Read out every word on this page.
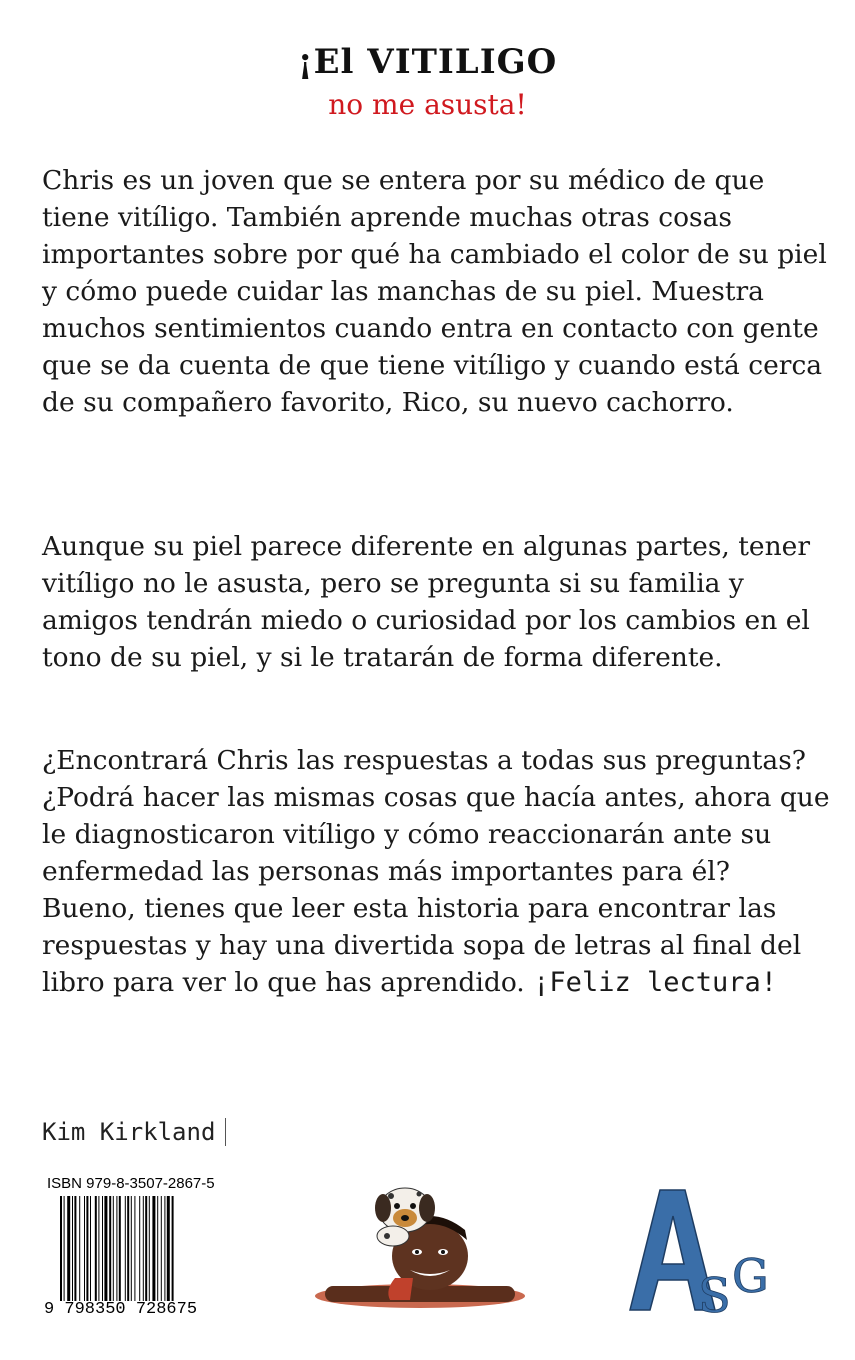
¡El VITILIGO
no me asusta!
Chris es un joven que se entera por su médico de que tiene vitíligo. También aprende muchas otras cosas importantes sobre por qué ha cambiado el color de su piel y cómo puede cuidar las manchas de su piel. Muestra muchos sentimientos cuando entra en contacto con gente que se da cuenta de que tiene vitíligo y cuando está cerca de su compañero favorito, Rico, su nuevo cachorro.
Aunque su piel parece diferente en algunas partes, tener vitíligo no le asusta, pero se pregunta si su familia y amigos tendrán miedo o curiosidad por los cambios en el tono de su piel, y si le tratarán de forma diferente.
¿Encontrará Chris las respuestas a todas sus preguntas? ¿Podrá hacer las mismas cosas que hacía antes, ahora que le diagnosticaron vitíligo y cómo reaccionarán ante su enfermedad las personas más importantes para él? Bueno, tienes que leer esta historia para encontrar las respuestas y hay una divertida sopa de letras al final del libro para ver lo que has aprendido. ¡Feliz lectura!
Kim Kirkland
ISBN 979-8-3507-2867-5
9 798350 728675	S G
